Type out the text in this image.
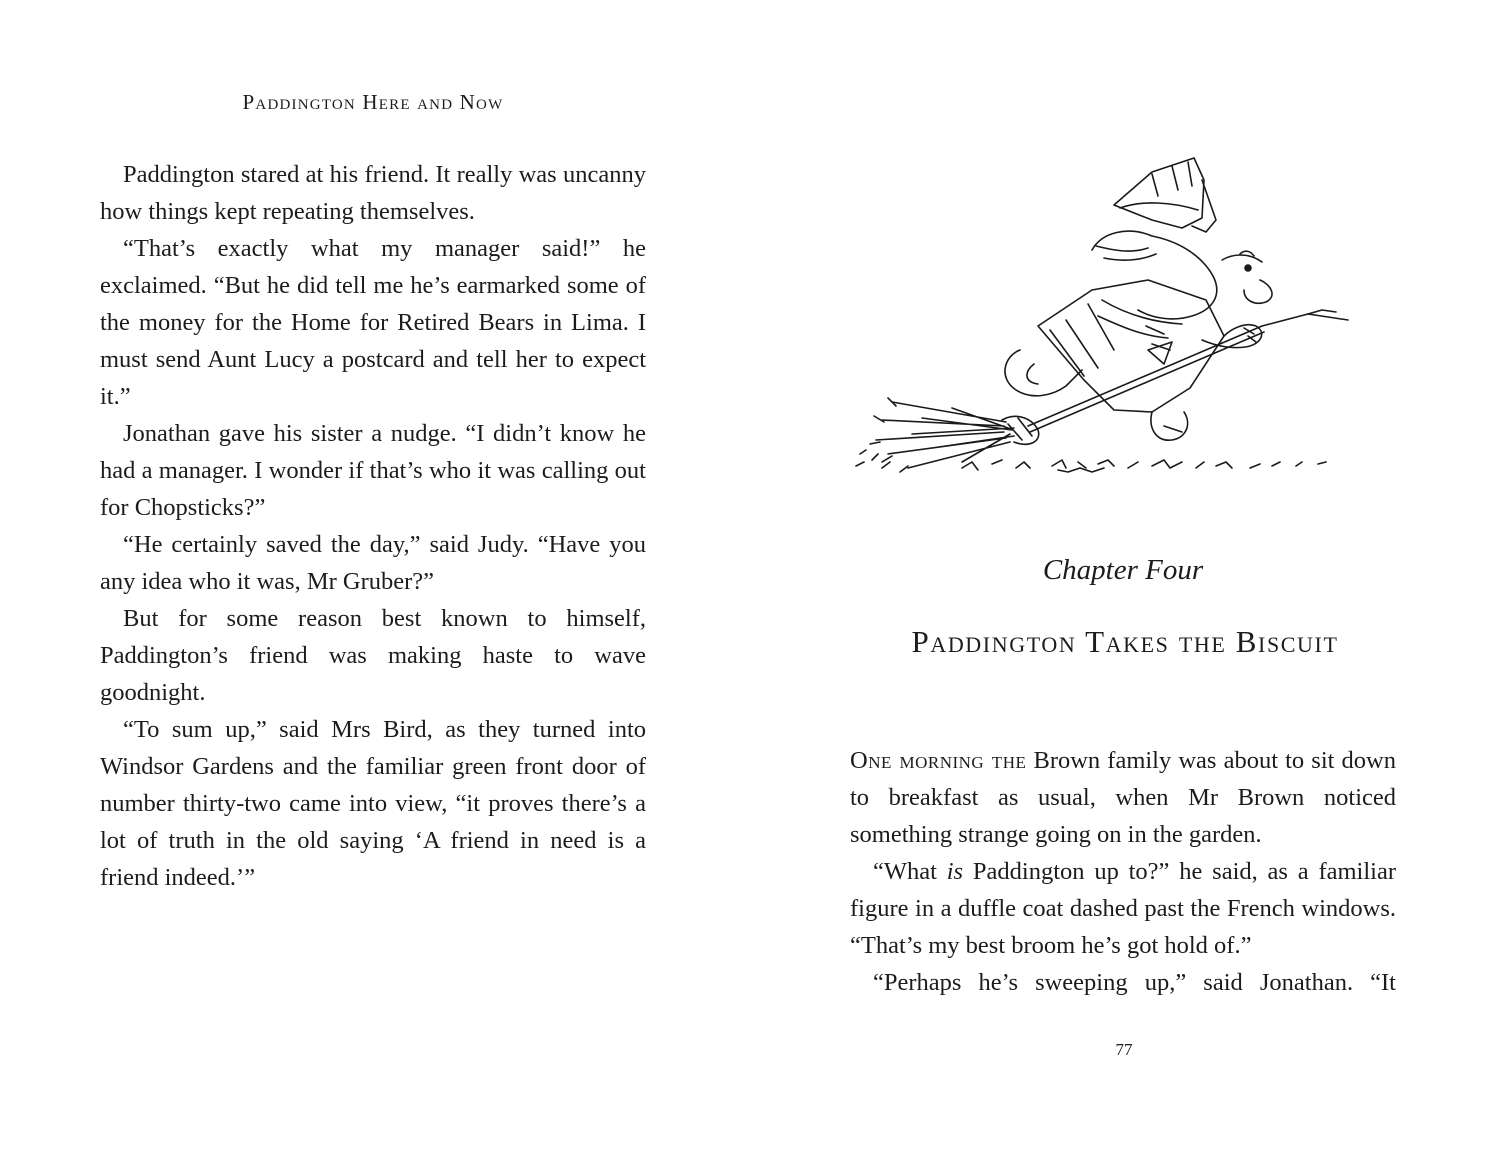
Paddington Here and Now

Paddington stared at his friend. It really was uncanny how things kept repeating themselves.

“That’s exactly what my manager said!” he exclaimed. “But he did tell me he’s earmarked some of the money for the Home for Retired Bears in Lima. I must send Aunt Lucy a postcard and tell her to expect it.”

Jonathan gave his sister a nudge. “I didn’t know he had a manager. I wonder if that’s who it was calling out for Chopsticks?”

“He certainly saved the day,” said Judy. “Have you any idea who it was, Mr Gruber?”

But for some reason best known to himself, Paddington’s friend was making haste to wave goodnight.

“To sum up,” said Mrs Bird, as they turned into Windsor Gardens and the familiar green front door of number thirty-two came into view, “it proves there’s a lot of truth in the old saying ‘A friend in need is a friend indeed.’”

Chapter Four
Paddington Takes the Biscuit

One morning the Brown family was about to sit down to breakfast as usual, when Mr Brown noticed something strange going on in the garden.

“What is Paddington up to?” he said, as a familiar figure in a duffle coat dashed past the French windows. “That’s my best broom he’s got hold of.”

“Perhaps he’s sweeping up,” said Jonathan. “It

77
